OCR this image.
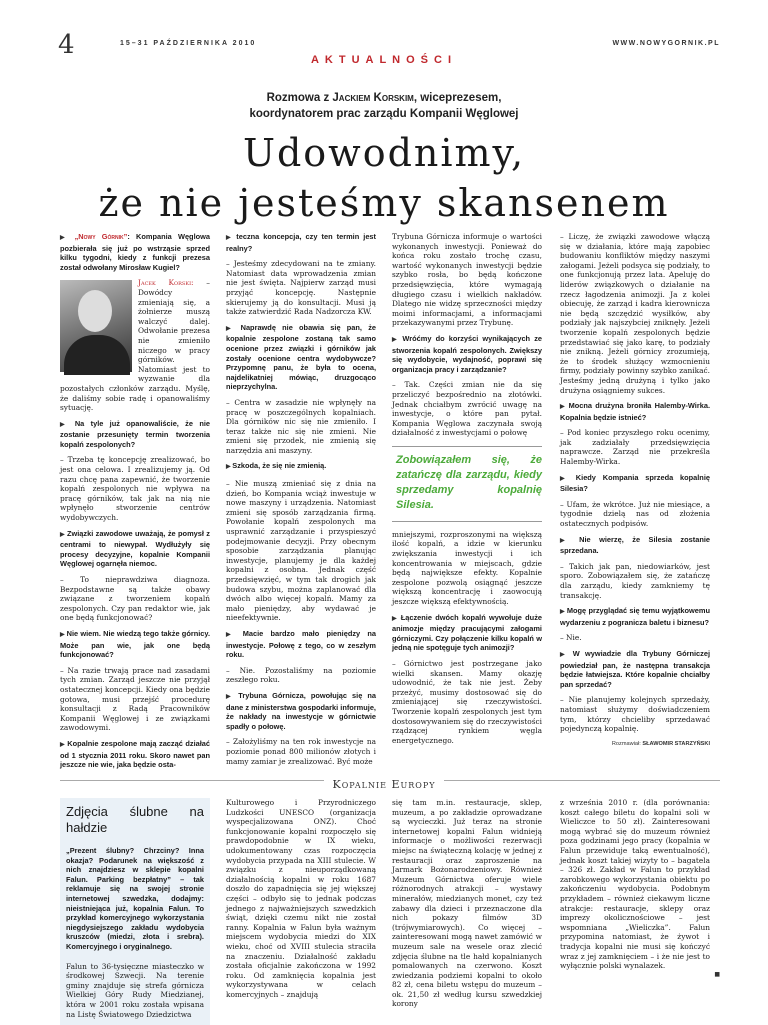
4	15–31 PAŹDZIERNIKA 2010	WWW.NOWYGORNIK.PL
AKTUALNOŚCI
Rozmowa z Jackiem Korskim, wiceprezesem,
koordynatorem prac zarządu Kompanii Węglowej
Udowodnimy,
że nie jesteśmy skansenem

▶ „Nowy Górnik”: Kompania Węglowa pozbierała się już po wstrząsie sprzed kilku tygodni, kiedy z funkcji prezesa został odwołany Mirosław Kugiel?

Jacek Korski: – Dowódcy zmieniają się, a żołnierze muszą walczyć dalej. Odwołanie prezesa nie zmieniło niczego w pracy górników. Natomiast jest to wyzwanie dla pozostałych członków zarządu. Myślę, że daliśmy sobie radę i opanowaliśmy sytuację.

▶ Na tyle już opanowaliście, że nie zostanie przesunięty termin tworzenia kopalń zespolonych?

– Trzeba tę koncepcję zrealizować, bo jest ona celowa. I zrealizujemy ją. Od razu chcę pana zapewnić, że tworzenie kopalń zespolonych nie wpływa na pracę górników, tak jak na nią nie wpłynęło stworzenie centrów wydobywczych.

▶ Związki zawodowe uważają, że pomysł z centrami to niewypał. Wydłużyły się procesy decyzyjne, kopalnie Kompanii Węglowej ogarnęła niemoc.

– To nieprawdziwa diagnoza. Bezpodstawne są także obawy związane z tworzeniem kopalń zespolonych. Czy pan redaktor wie, jak one będą funkcjonować?

▶ Nie wiem. Nie wiedzą tego także górnicy. Może pan wie, jak one będą funkcjonować?

– Na razie trwają prace nad zasadami tych zmian. Zarząd jeszcze nie przyjął ostatecznej koncepcji. Kiedy ona będzie gotowa, musi przejść procedurę konsultacji z Radą Pracowników Kompanii Węglowej i ze związkami zawodowymi.

▶ Kopalnie zespolone mają zacząć działać od 1 stycznia 2011 roku. Skoro nawet pan jeszcze nie wie, jaka będzie osta-

▶ teczna koncepcja, czy ten termin jest realny?

– Jesteśmy zdecydowani na te zmiany. Natomiast data wprowadzenia zmian nie jest święta. Najpierw zarząd musi przyjąć koncepcję. Następnie skierujemy ją do konsultacji. Musi ją także zatwierdzić Rada Nadzorcza KW.

▶ Naprawdę nie obawia się pan, że kopalnie zespolone zostaną tak samo ocenione przez związki i górników jak zostały ocenione centra wydobywcze? Przypomnę panu, że była to ocena, najdelikatniej mówiąc, druzgocąco nieprzychylna.

– Centra w zasadzie nie wpłynęły na pracę w poszczególnych kopalniach. Dla górników nic się nie zmieniło. I teraz także nic się nie zmieni. Nie zmieni się przodek, nie zmienią się narzędzia ani maszyny.

▶ Szkoda, że się nie zmienią.

– Nie muszą zmieniać się z dnia na dzień, bo Kompania wciąż inwestuje w nowe maszyny i urządzenia. Natomiast zmieni się sposób zarządzania firmą. Powołanie kopalń zespolonych ma usprawnić zarządzanie i przyspieszyć podejmowanie decyzji. Przy obecnym sposobie zarządzania planując inwestycje, planujemy je dla każdej kopalni z osobna. Jednak część przedsięwzięć, w tym tak drogich jak budowa szybu, można zaplanować dla dwóch albo więcej kopalń. Mamy za mało pieniędzy, aby wydawać je nieefektywnie.

▶ Macie bardzo mało pieniędzy na inwestycje. Połowę z tego, co w zeszłym roku.

– Nie. Pozostaliśmy na poziomie zeszłego roku.

▶ Trybuna Górnicza, powołując się na dane z ministerstwa gospodarki informuje, że nakłady na inwestycje w górnictwie spadły o połowę.

– Założyliśmy na ten rok inwestycje na poziomie ponad 800 milionów złotych i mamy zamiar je zrealizować. Być może

Trybuna Górnicza informuje o wartości wykonanych inwestycji. Ponieważ do końca roku zostało trochę czasu, wartość wykonanych inwestycji będzie szybko rosła, bo będą kończone przedsięwzięcia, które wymagają długiego czasu i wielkich nakładów. Dlatego nie widzę sprzeczności między moimi informacjami, a informacjami przekazywanymi przez Trybunę.

▶ Wróćmy do korzyści wynikających ze stworzenia kopalń zespolonych. Zwiększy się wydobycie, wydajność, poprawi się organizacja pracy i zarządzanie?

– Tak. Części zmian nie da się przeliczyć bezpośrednio na złotówki. Jednak chciałbym zwrócić uwagę na inwestycje, o które pan pytał. Kompania Węglowa zaczynała swoją działalność z inwestycjami o połowę

Zobowiązałem się, że zatańczę dla zarządu, kiedy sprzedamy kopalnię Silesia.

mniejszymi, rozproszonymi na większą ilość kopalń, a idzie w kierunku zwiększania inwestycji i ich koncentrowania w miejscach, gdzie będą największe efekty. Kopalnie zespolone pozwolą osiągnąć jeszcze większą koncentrację i zaowocują jeszcze większą efektywnością.

▶ Łączenie dwóch kopalń wywołuje duże animozje między pracującymi załogami górniczymi. Czy połączenie kilku kopalń w jedną nie spotęguje tych animozji?

– Górnictwo jest postrzegane jako wielki skansen. Mamy okazję udowodnić, że tak nie jest. Żeby przeżyć, musimy dostosować się do zmieniającej się rzeczywistości. Tworzenie kopalń zespolonych jest tym dostosowywaniem się do rzeczywistości rządzącej rynkiem węgla energetycznego.

– Liczę, że związki zawodowe włączą się w działania, które mają zapobiec budowaniu konfliktów między naszymi załogami. Jeżeli podsyca się podziały, to one funkcjonują przez lata. Apeluję do liderów związkowych o działanie na rzecz łagodzenia animozji. Ja z kolei obiecuję, że zarząd i kadra kierownicza nie będą szczędzić wysiłków, aby podziały jak najszybciej zniknęły. Jeżeli tworzenie kopalń zespolonych będzie przedstawiać się jako karę, to podziały nie znikną. Jeżeli górnicy zrozumieją, że to środek służący wzmocnieniu firmy, podziały powinny szybko zanikać. Jesteśmy jedną drużyną i tylko jako drużyna osiągniemy sukces.

▶ Mocna drużyna broniła Halemby-Wirka. Kopalnia będzie istnieć?

– Pod koniec przyszłego roku ocenimy, jak zadziałały przedsięwzięcia naprawcze. Zarząd nie przekreśla Halemby-Wirka.

▶ Kiedy Kompania sprzeda kopalnię Silesia?

– Ufam, że wkrótce. Już nie miesiące, a tygodnie dzielą nas od złożenia ostatecznych podpisów.

▶ Nie wierzę, że Silesia zostanie sprzedana.

– Takich jak pan, niedowiarków, jest sporo. Zobowiązałem się, że zatańczę dla zarządu, kiedy zamkniemy tę transakcję.

▶ Mogę przyglądać się temu wyjątkowemu wydarzeniu z pogranicza baletu i biznesu?

– Nie.

▶ W wywiadzie dla Trybuny Górniczej powiedział pan, że następna transakcja będzie łatwiejsza. Które kopalnie chciałby pan sprzedać?

– Nie planujemy kolejnych sprzedaży, natomiast służymy doświadczeniem tym, którzy chcieliby sprzedawać pojedynczą kopalnię.

Rozmawiał: SŁAWOMIR STARZYŃSKI
Kopalnie Europy
Zdjęcia ślubne na hałdzie
„Prezent ślubny? Chrzciny? Inna okazja? Podarunek na większość z nich znajdziesz w sklepie kopalni Falun. Parking bezpłatny” – tak reklamuje się na swojej stronie internetowej szwedzka, dodajmy: nieistniejąca już, kopalnia Falun. To przykład komercyjnego wykorzystania niegdysiejszego zakładu wydobycia kruszców (miedzi, złota i srebra). Komercyjnego i oryginalnego.
Falun to 36-tysięczne miasteczko w środkowej Szwecji. Na terenie gminy znajduje się strefa górnicza Wielkiej Góry Rudy Miedzianej, która w 2001 roku została wpisana na Listę Światowego Dziedzictwa
Kulturowego i Przyrodniczego Ludzkości UNESCO (organizacja wyspecjalizowana ONZ). Choć funkcjonowanie kopalni rozpoczęło się prawdopodobnie w IX wieku, udokumentowany czas rozpoczęcia wydobycia przypada na XIII stulecie. W związku z nieuporządkowaną działalnością kopalni w roku 1687 doszło do zapadnięcia się jej większej części – odbyło się to jednak podczas jednego z najważniejszych szwedzkich świąt, dzięki czemu nikt nie został ranny. Kopalnia w Falun była ważnym miejscem wydobycia miedzi do XIX wieku, choć od XVIII stulecia straciła na znaczeniu. Działalność zakładu została oficjalnie zakończona w 1992 roku. Od zamknięcia kopalnia jest wykorzystywana w celach komercyjnych – znajdują
się tam m.in. restauracje, sklep, muzeum, a po zakładzie oprowadzane są wycieczki. Już teraz na stronie internetowej kopalni Falun widnieją informacje o możliwości rezerwacji miejsc na świąteczną kolację w jednej z restauracji oraz zaproszenie na Jarmark Bożonarodzeniowy. Również Muzeum Górnictwa oferuje wiele różnorodnych atrakcji – wystawy minerałów, miedzianych monet, czy też zabawy dla dzieci i przeznaczone dla nich pokazy filmów 3D (trójwymiarowych). Co więcej – zainteresowani mogą nawet zamówić w muzeum sale na wesele oraz zlecić zdjęcia ślubne na tle hałd kopalnianych pomalowanych na czerwono. Koszt zwiedzania podziemi kopalni to około 82 zł, cena biletu wstępu do muzeum – ok. 21,50 zł według kursu szwedzkiej korony
z września 2010 r. (dla porównania: koszt całego biletu do kopalni soli w Wieliczce to 50 zł). Zainteresowani mogą wybrać się do muzeum również poza godzinami jego pracy (kopalnia w Falun przewiduje taką ewentualność), jednak koszt takiej wizyty to – bagatela – 326 zł. Zakład w Falun to przykład zarobkowego wykorzystania obiektu po zakończeniu wydobycia. Podobnym przykładem – również ciekawym liczne atrakcje: restauracje, sklepy oraz imprezy okolicznościowe – jest wspomniana „Wieliczka”. Falun przypomina natomiast, że żywot i tradycja kopalni nie musi się kończyć wraz z jej zamknięciem – i że nie jest to wyłącznie polski wynalazek.
■
